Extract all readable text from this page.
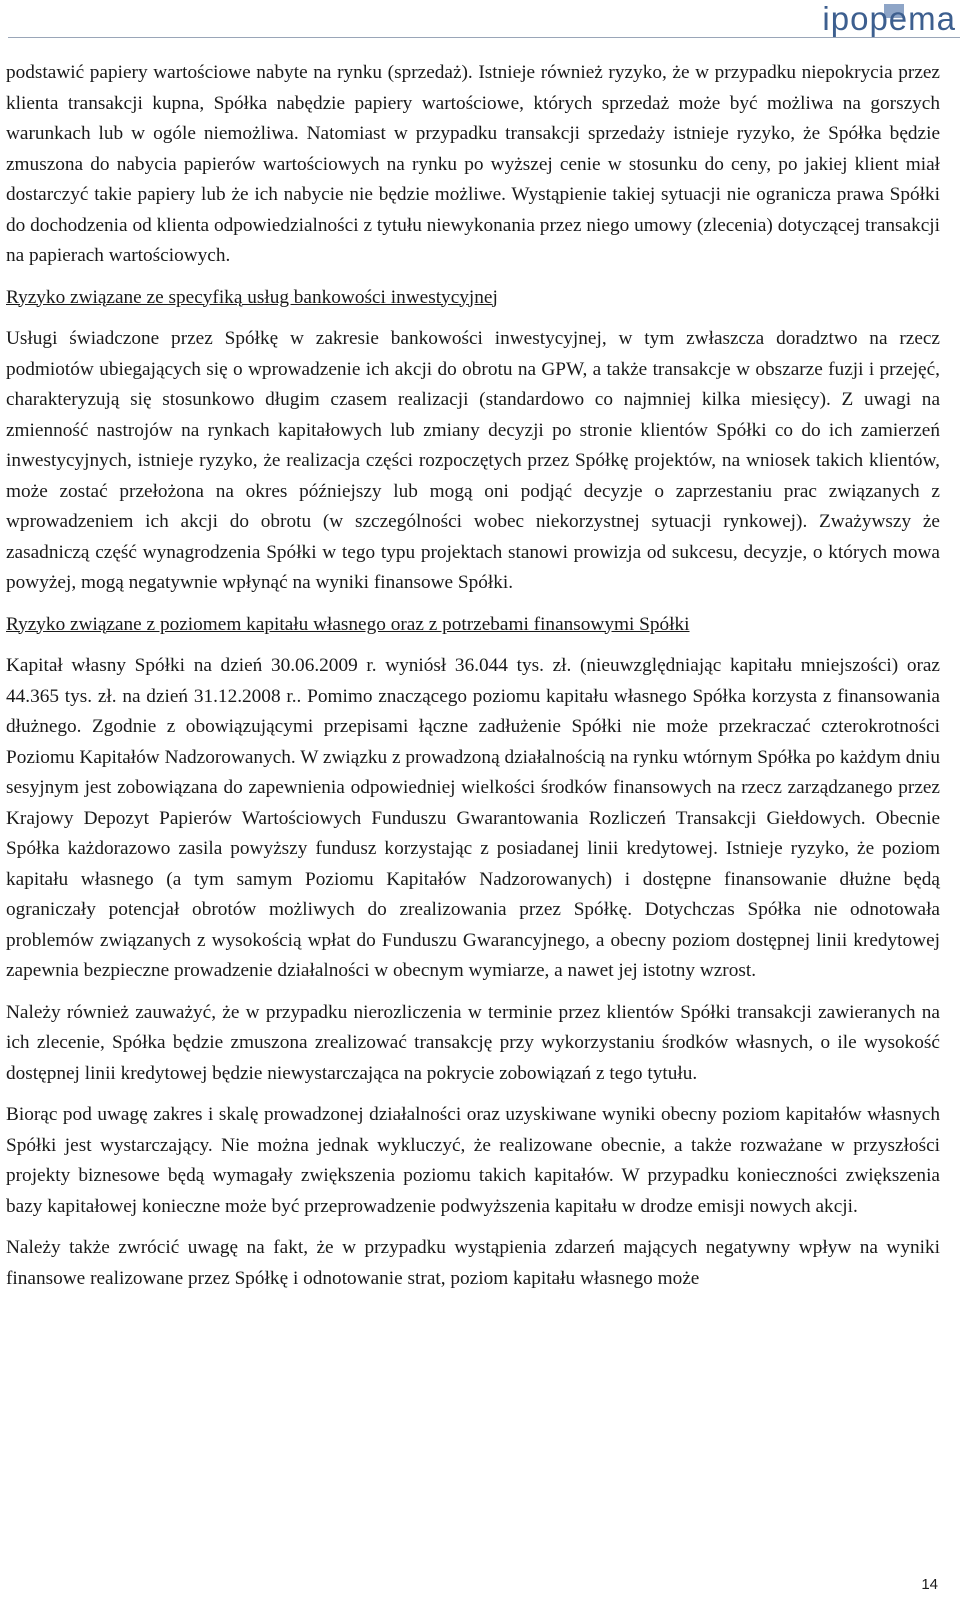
ipopema

podstawić papiery wartościowe nabyte na rynku (sprzedaż). Istnieje również ryzyko, że w przypadku niepokrycia przez klienta transakcji kupna, Spółka nabędzie papiery wartościowe, których sprzedaż może być możliwa na gorszych warunkach lub w ogóle niemożliwa. Natomiast w przypadku transakcji sprzedaży istnieje ryzyko, że Spółka będzie zmuszona do nabycia papierów wartościowych na rynku po wyższej cenie w stosunku do ceny, po jakiej klient miał dostarczyć takie papiery lub że ich nabycie nie będzie możliwe. Wystąpienie takiej sytuacji nie ogranicza prawa Spółki do dochodzenia od klienta odpowiedzialności z tytułu niewykonania przez niego umowy (zlecenia) dotyczącej transakcji na papierach wartościowych.

Ryzyko związane ze specyfiką usług bankowości inwestycyjnej

Usługi świadczone przez Spółkę w zakresie bankowości inwestycyjnej, w tym zwłaszcza doradztwo na rzecz podmiotów ubiegających się o wprowadzenie ich akcji do obrotu na GPW, a także transakcje w obszarze fuzji i przejęć, charakteryzują się stosunkowo długim czasem realizacji (standardowo co najmniej kilka miesięcy). Z uwagi na zmienność nastrojów na rynkach kapitałowych lub zmiany decyzji po stronie klientów Spółki co do ich zamierzeń inwestycyjnych, istnieje ryzyko, że realizacja części rozpoczętych przez Spółkę projektów, na wniosek takich klientów, może zostać przełożona na okres późniejszy lub mogą oni podjąć decyzje o zaprzestaniu prac związanych z wprowadzeniem ich akcji do obrotu (w szczególności wobec niekorzystnej sytuacji rynkowej). Zważywszy że zasadniczą część wynagrodzenia Spółki w tego typu projektach stanowi prowizja od sukcesu, decyzje, o których mowa powyżej, mogą negatywnie wpłynąć na wyniki finansowe Spółki.

Ryzyko związane z poziomem kapitału własnego oraz z potrzebami finansowymi Spółki

Kapitał własny Spółki na dzień 30.06.2009 r. wyniósł 36.044 tys. zł. (nieuwzględniając kapitału mniejszości) oraz 44.365 tys. zł. na dzień 31.12.2008 r.. Pomimo znaczącego poziomu kapitału własnego Spółka korzysta z finansowania dłużnego. Zgodnie z obowiązującymi przepisami łączne zadłużenie Spółki nie może przekraczać czterokrotności Poziomu Kapitałów Nadzorowanych. W związku z prowadzoną działalnością na rynku wtórnym Spółka po każdym dniu sesyjnym jest zobowiązana do zapewnienia odpowiedniej wielkości środków finansowych na rzecz zarządzanego przez Krajowy Depozyt Papierów Wartościowych Funduszu Gwarantowania Rozliczeń Transakcji Giełdowych. Obecnie Spółka każdorazowo zasila powyższy fundusz korzystając z posiadanej linii kredytowej. Istnieje ryzyko, że poziom kapitału własnego (a tym samym Poziomu Kapitałów Nadzorowanych) i dostępne finansowanie dłużne będą ograniczały potencjał obrotów możliwych do zrealizowania przez Spółkę. Dotychczas Spółka nie odnotowała problemów związanych z wysokością wpłat do Funduszu Gwarancyjnego, a obecny poziom dostępnej linii kredytowej zapewnia bezpieczne prowadzenie działalności w obecnym wymiarze, a nawet jej istotny wzrost.

Należy również zauważyć, że w przypadku nierozliczenia w terminie przez klientów Spółki transakcji zawieranych na ich zlecenie, Spółka będzie zmuszona zrealizować transakcję przy wykorzystaniu środków własnych, o ile wysokość dostępnej linii kredytowej będzie niewystarczająca na pokrycie zobowiązań z tego tytułu.

Biorąc pod uwagę zakres i skalę prowadzonej działalności oraz uzyskiwane wyniki obecny poziom kapitałów własnych Spółki jest wystarczający. Nie można jednak wykluczyć, że realizowane obecnie, a także rozważane w przyszłości projekty biznesowe będą wymagały zwiększenia poziomu takich kapitałów. W przypadku konieczności zwiększenia bazy kapitałowej konieczne może być przeprowadzenie podwyższenia kapitału w drodze emisji nowych akcji.

Należy także zwrócić uwagę na fakt, że w przypadku wystąpienia zdarzeń mających negatywny wpływ na wyniki finansowe realizowane przez Spółkę i odnotowanie strat, poziom kapitału własnego może

14
